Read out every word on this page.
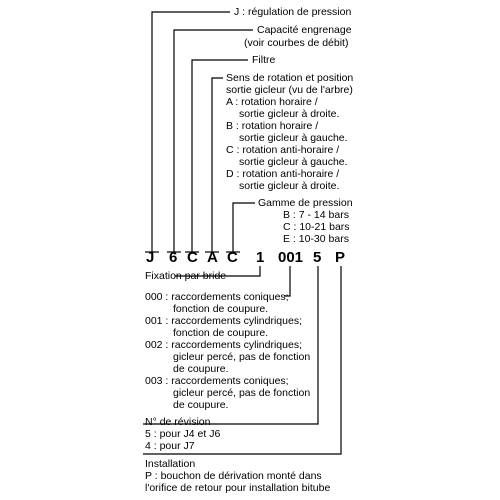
J : régulation de pression
Capacité engrenage
(voir courbes de débit)
Filtre
Sens de rotation et position
sortie gicleur (vu de l'arbre)
A : rotation horaire /
sortie gicleur à droite.
B : rotation horaire /
sortie gicleur à gauche.
C : rotation anti-horaire /
sortie gicleur à gauche.
D : rotation anti-horaire /
sortie gicleur à droite.
Gamme de pression
B : 7 - 14 bars
C : 10-21 bars
E : 10-30 bars
J 6 C A C 1 001 5 P
Fixation par bride
000 : raccordements coniques;
fonction de coupure.
001 : raccordements cylindriques;
fonction de coupure.
002 : raccordements cylindriques;
gicleur percé, pas de fonction
de coupure.
003 : raccordements coniques;
gicleur percé, pas de fonction
de coupure.
N° de révision
5 : pour J4 et J6
4 : pour J7
Installation
P : bouchon de dérivation monté dans
l'orifice de retour pour installation bitube
